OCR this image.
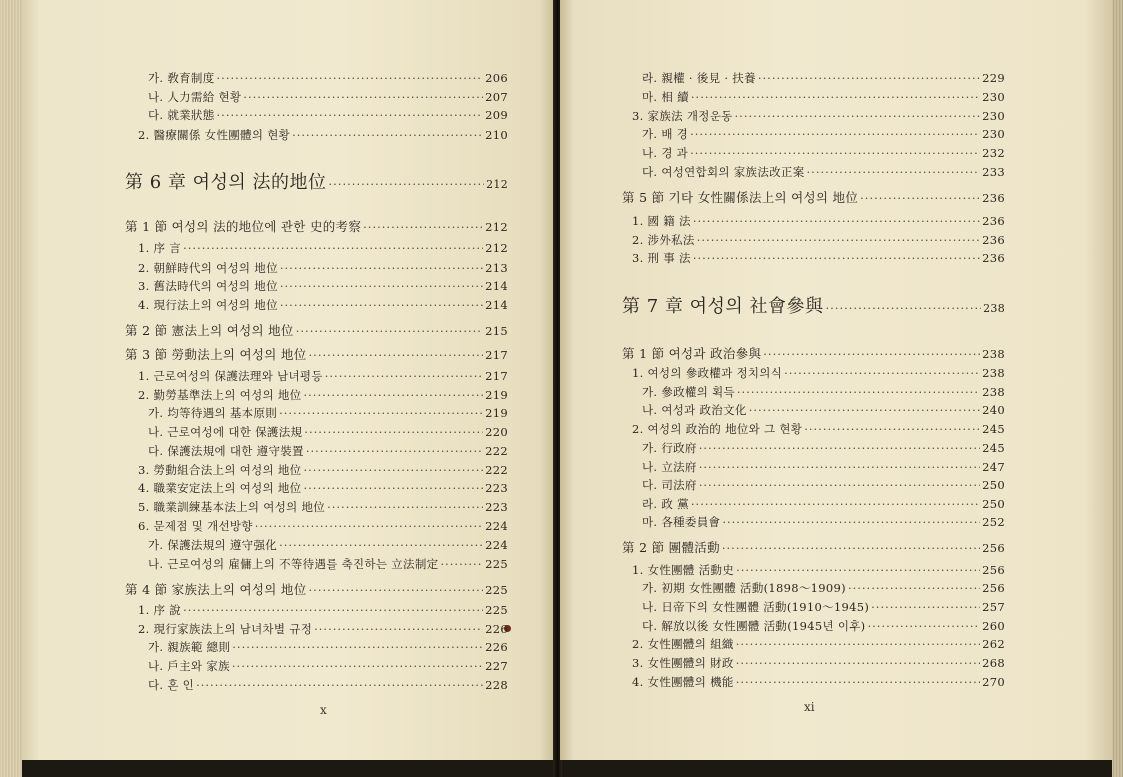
x
가. 敎育制度 ·····	206
나. 人力需給 현황 ·····	207
다. 就業狀態 ·····	209
2. 醫療關係 女性團體의 현황 ·····	210
第 6 章 여성의 法的地位 ·····	212
第 1 節 여성의 法的地位에 관한 史的考察 ·····	212
1. 序 言 ·····	212
2. 朝鮮時代의 여성의 地位 ·····	213
3. 舊法時代의 여성의 地位 ·····	214
4. 現行法上의 여성의 地位 ·····	214
第 2 節 憲法上의 여성의 地位 ·····	215
第 3 節 勞動法上의 여성의 地位 ·····	217
1. 근로여성의 保護法理와 남녀평등 ·····	217
2. 勤勞基準法上의 여성의 地位 ·····	219
가. 均等待遇의 基本原則 ·····	219
나. 근로여성에 대한 保護法規 ·····	220
다. 保護法規에 대한 遵守裝置 ·····	222
3. 勞動組合法上의 여성의 地位 ·····	222
4. 職業安定法上의 여성의 地位 ·····	223
5. 職業訓練基本法上의 여성의 地位 ·····	223
6. 문제점 및 개선방향 ·····	224
가. 保護法規의 遵守强化 ·····	224
나. 근로여성의 雇傭上의 不等待遇를 축진하는 立法制定 ·····	225
第 4 節 家族法上의 여성의 地位 ·····	225
1. 序 說 ·····	225
2. 現行家族法上의 남녀차별 규정 ·····	226
가. 親族範 總則 ·····	226
나. 戶主와 家族 ·····	227
다. 혼 인 ·····	228
xi
라. 親權 · 後見 · 扶養 ·····	229
마. 相 續 ·····	230
3. 家族法 개정운동 ·····	230
가. 배 경 ·····	230
나. 경 과 ·····	232
다. 여성연합회의 家族法改正案 ·····	233
第 5 節 기타 女性關係法上의 여성의 地位 ·····	236
1. 國 籍 法 ·····	236
2. 涉外私法 ·····	236
3. 刑 事 法 ·····	236
第 7 章 여성의 社會參與 ·····	238
第 1 節 여성과 政治參與 ·····	238
1. 여성의 參政權과 정치의식 ·····	238
가. 參政權의 획득 ·····	238
나. 여성과 政治文化 ·····	240
2. 여성의 政治的 地位와 그 현황 ·····	245
가. 行政府 ·····	245
나. 立法府 ·····	247
다. 司法府 ·····	250
라. 政 黨 ·····	250
마. 各種委員會 ·····	252
第 2 節 團體活動 ·····	256
1. 女性團體 活動史 ·····	256
가. 初期 女性團體 活動(1898～1909) ·····	256
나. 日帝下의 女性團體 活動(1910～1945) ·····	257
다. 解放以後 女性團體 活動(1945년 이후) ·····	260
2. 女性團體의 組織 ·····	262
3. 女性團體의 財政 ·····	268
4. 女性團體의 機能 ·····	270
